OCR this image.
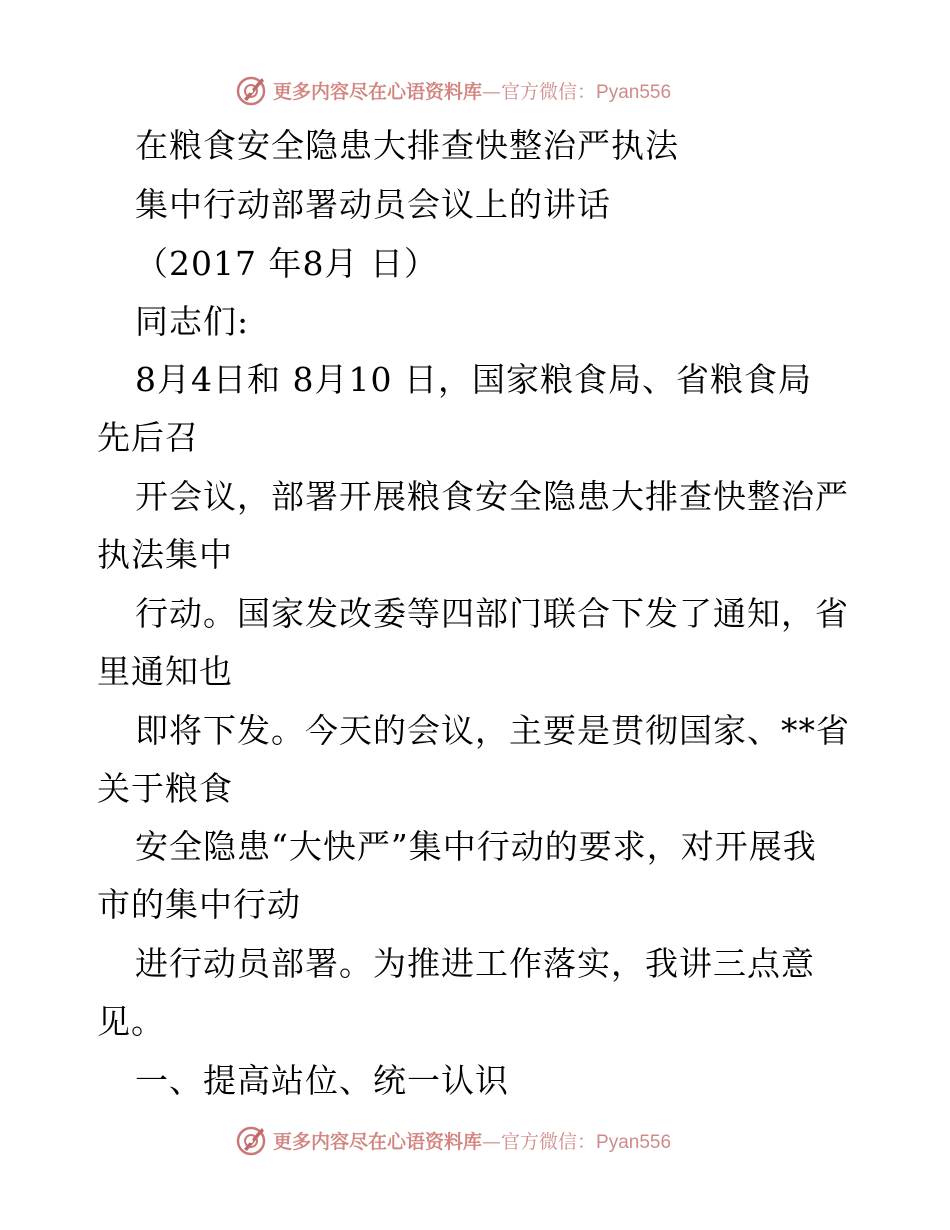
更多内容尽在心语资料库—官方微信：Pyan556
在粮食安全隐患大排查快整治严执法
集中行动部署动员会议上的讲话
（2017 年8月 日）
同志们:
8月4日和 8月10 日，国家粮食局、省粮食局
先后召
开会议，部署开展粮食安全隐患大排查快整治严
执法集中
行动。国家发改委等四部门联合下发了通知，省
里通知也
即将下发。今天的会议，主要是贯彻国家、**省
关于粮食
安全隐患“大快严”集中行动的要求，对开展我
市的集中行动
进行动员部署。为推进工作落实，我讲三点意
见。
一、提高站位、统一认识
更多内容尽在心语资料库—官方微信：Pyan556
